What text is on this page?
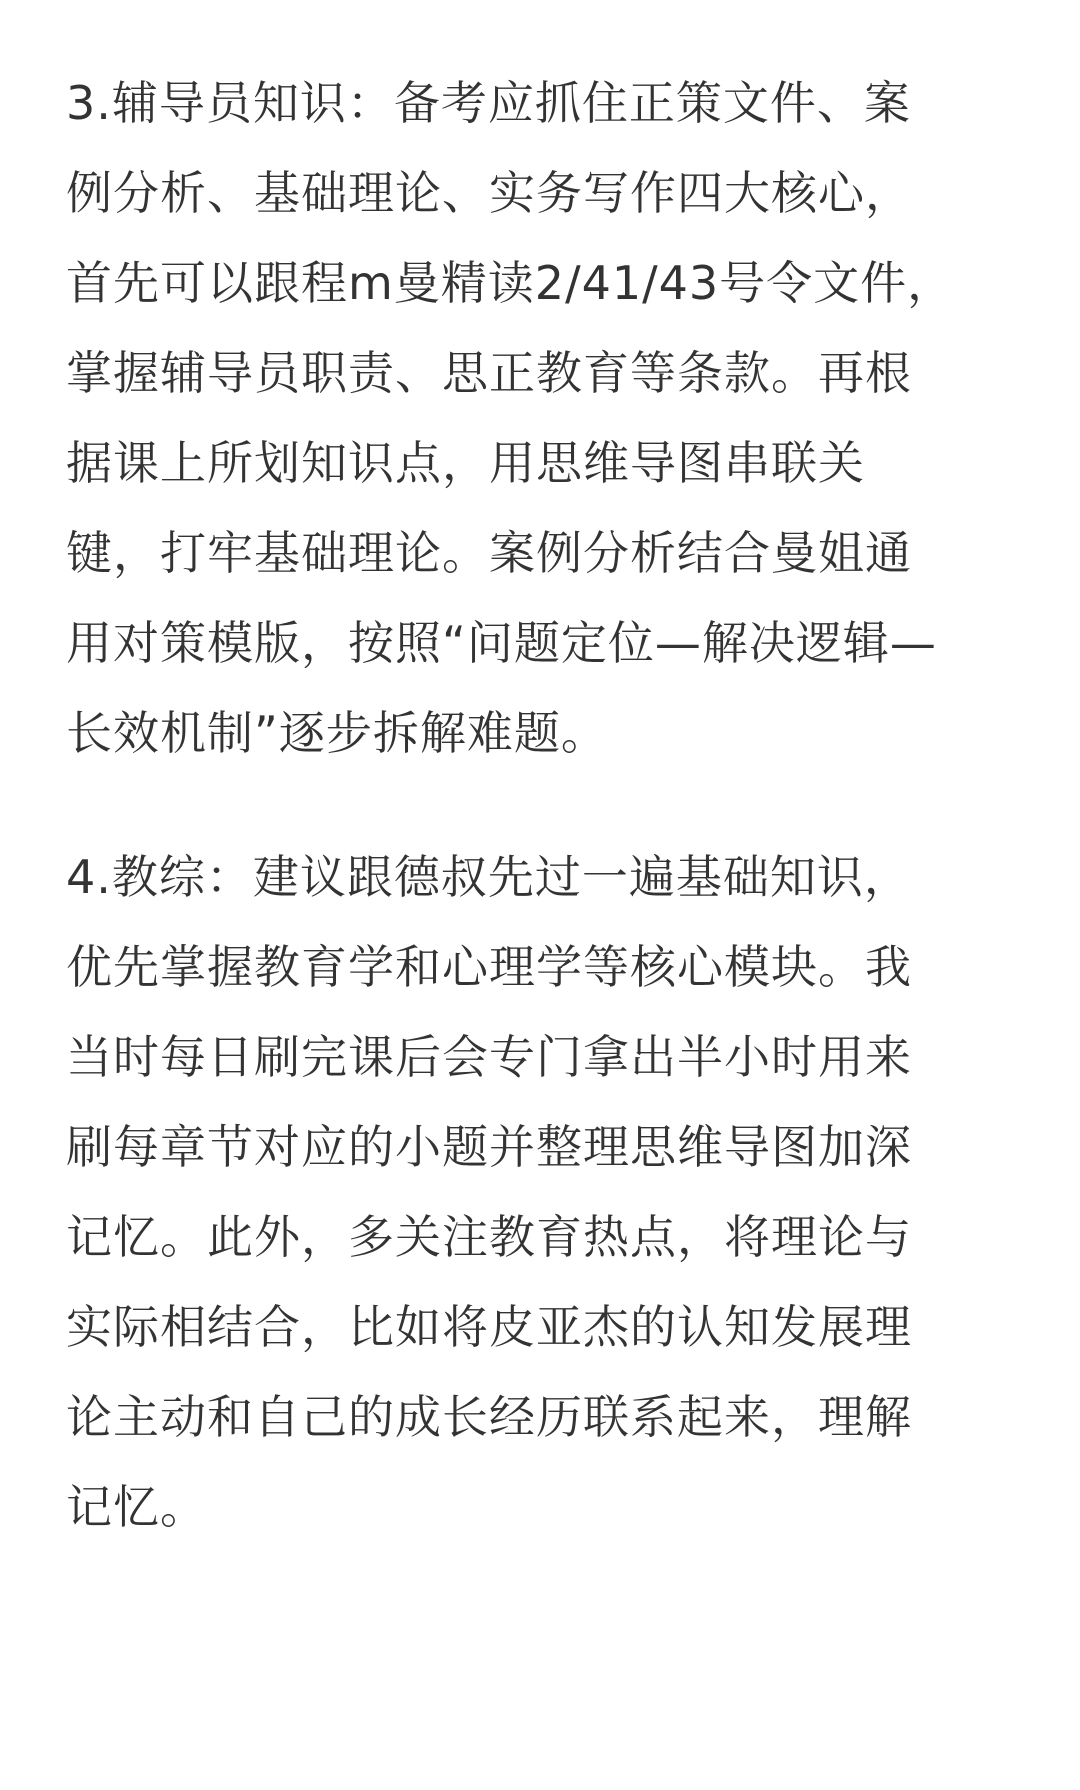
3.辅导员知识：备考应抓住正策文件、案
例分析、基础理论、实务写作四大核心，
首先可以跟程m曼精读2/41/43号令文件，
掌握辅导员职责、思正教育等条款。再根
据课上所划知识点，用思维导图串联关
键，打牢基础理论。案例分析结合曼姐通
用对策模版，按照“问题定位—解决逻辑—
长效机制”逐步拆解难题。
4.教综：建议跟德叔先过一遍基础知识，
优先掌握教育学和心理学等核心模块。我
当时每日刷完课后会专门拿出半小时用来
刷每章节对应的小题并整理思维导图加深
记忆。此外，多关注教育热点，将理论与
实际相结合，比如将皮亚杰的认知发展理
论主动和自己的成长经历联系起来，理解
记忆。
